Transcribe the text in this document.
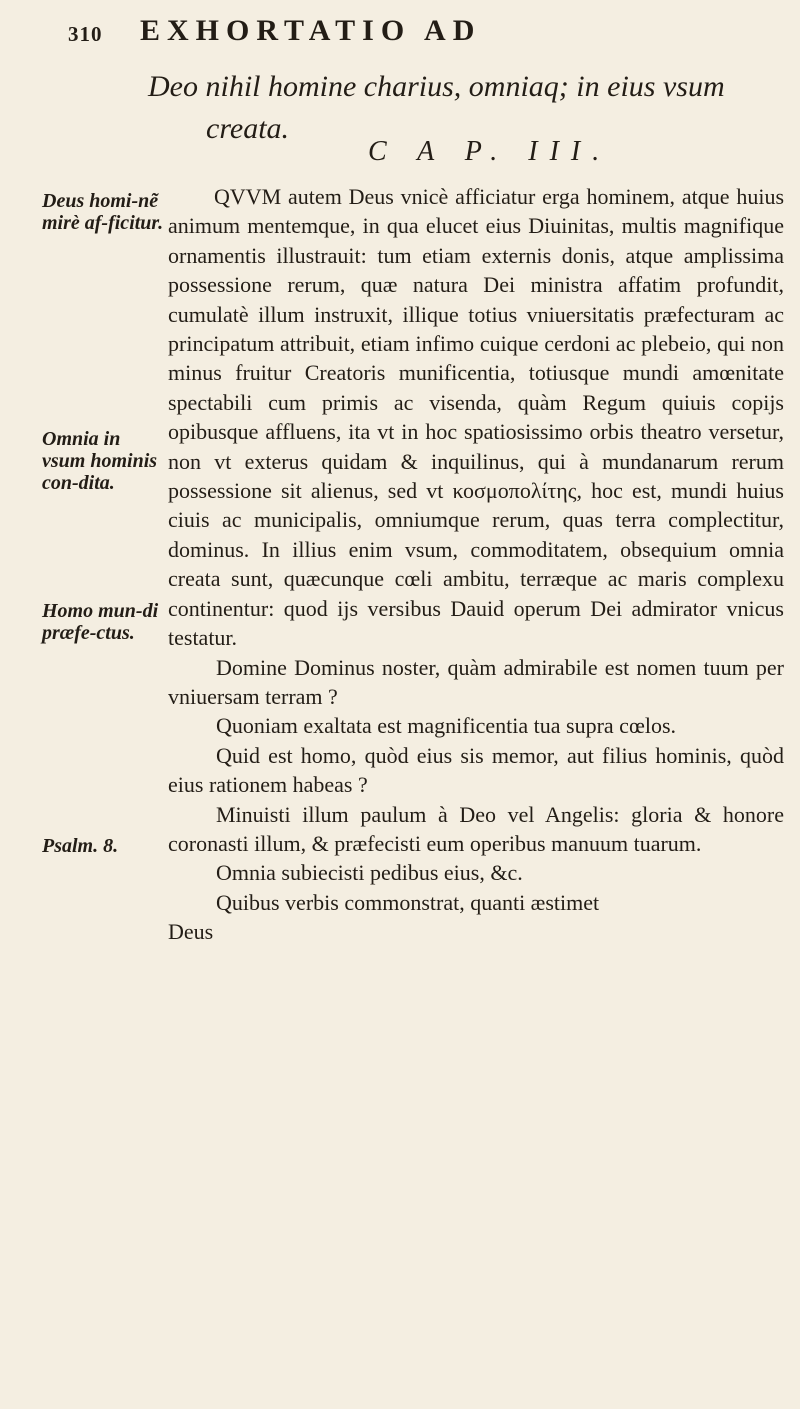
310 EXHORTATIO AD
Deo nihil homine charius, omniaq; in eius vsum
creata.
C A P. III.
Deus homi-nẽ mirè af-ficitur.
Omnia in vsum hominis con-dita.
Homo mun-di præfe-ctus.
Psalm. 8.

QVVM autem Deus vnicè afficiatur erga hominem, atque huius animum mentemque, in qua elucet eius Diuinitas, multis magnifique ornamentis illustrauit: tum etiam externis donis, atque amplissima possessione rerum, quæ natura Dei ministra affatim profundit, cumulatè illum instruxit, illique totius vniuersitatis præfecturam ac principatum attribuit, etiam infimo cuique cerdoni ac plebeio, qui non minus fruitur Creatoris munificentia, totiusque mundi amœnitate spectabili cum primis ac visenda, quàm Regum quiuis copijs opibusque affluens, ita vt in hoc spatiosissimo orbis theatro versetur, non vt exterus quidam & inquilinus, qui à mundanarum rerum possessione sit alienus, sed vt κοσμοπολίτης, hoc est, mundi huius ciuis ac municipalis, omniumque rerum, quas terra complectitur, dominus. In illius enim vsum, commoditatem, obsequium omnia creata sunt, quæcunque cœli ambitu, terræque ac maris complexu continentur: quod ijs versibus Dauid operum Dei admirator vnicus testatur.

Domine Dominus noster, quàm admirabile est nomen tuum per vniuersam terram ?

Quoniam exaltata est magnificentia tua supra cœlos.

Quid est homo, quòd eius sis memor, aut filius hominis, quòd eius rationem habeas ?

Minuisti illum paulum à Deo vel Angelis: gloria & honore coronasti illum, & præfecisti eum operibus manuum tuarum.

Omnia subiecisti pedibus eius, &c.

Quibus verbis commonstrat, quanti æstimet

Deus
